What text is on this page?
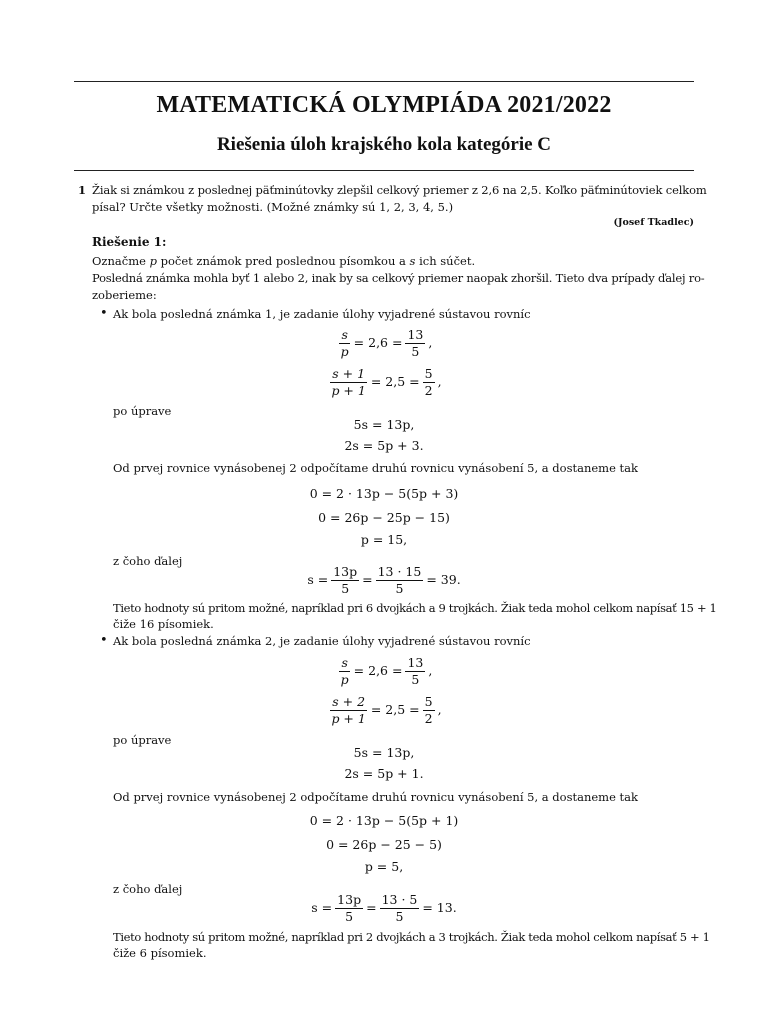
MATEMATICKÁ OLYMPIÁDA 2021/2022
Riešenia úloh krajského kola kategórie C
1 Žiak si známkou z poslednej päťminútovky zlepšil celkový priemer z 2,6 na 2,5. Koľko päťminútoviek celkom
písal? Určte všetky možnosti. (Možné známky sú 1, 2, 3, 4, 5.)
(Josef Tkadlec)
Riešenie 1:
Označme p počet známok pred poslednou písomkou a s ich súčet.
Posledná známka mohla byť 1 alebo 2, inak by sa celkový priemer naopak zhoršil. Tieto dva prípady ďalej ro-
zoberieme:
• Ak bola posledná známka 1, je zadanie úlohy vyjadrené sústavou rovníc
$\frac{s}{p} = 2,6 = \frac{13}{5}$ ,
$\frac{s + 1}{p + 1} = 2,5 = \frac{5}{2}$ ,
po úprave
5s = 13p,
2s = 5p + 3.
Od prvej rovnice vynásobenej 2 odpočítame druhú rovnicu vynásobení 5, a dostaneme tak
0 = 2 · 13p − 5(5p + 3)
0 = 26p − 25p − 15)
p = 15,
z čoho ďalej
$s = \frac{13p}{5} = \frac{13 \cdot 15}{5} = 39$.
Tieto hodnoty sú pritom možné, napríklad pri 6 dvojkách a 9 trojkách. Žiak teda mohol celkom napísať 15 + 1
čiže 16 písomiek.
• Ak bola posledná známka 2, je zadanie úlohy vyjadrené sústavou rovníc
$\frac{s}{p} = 2,6 = \frac{13}{5}$ ,
$\frac{s + 2}{p + 1} = 2,5 = \frac{5}{2}$ ,
po úprave
5s = 13p,
2s = 5p + 1.
Od prvej rovnice vynásobenej 2 odpočítame druhú rovnicu vynásobení 5, a dostaneme tak
0 = 2 · 13p − 5(5p + 1)
0 = 26p − 25 − 5)
p = 5,
z čoho ďalej
$s = \frac{13p}{5} = \frac{13 \cdot 5}{5} = 13$.
Tieto hodnoty sú pritom možné, napríklad pri 2 dvojkách a 3 trojkách. Žiak teda mohol celkom napísať 5 + 1
čiže 6 písomiek.
